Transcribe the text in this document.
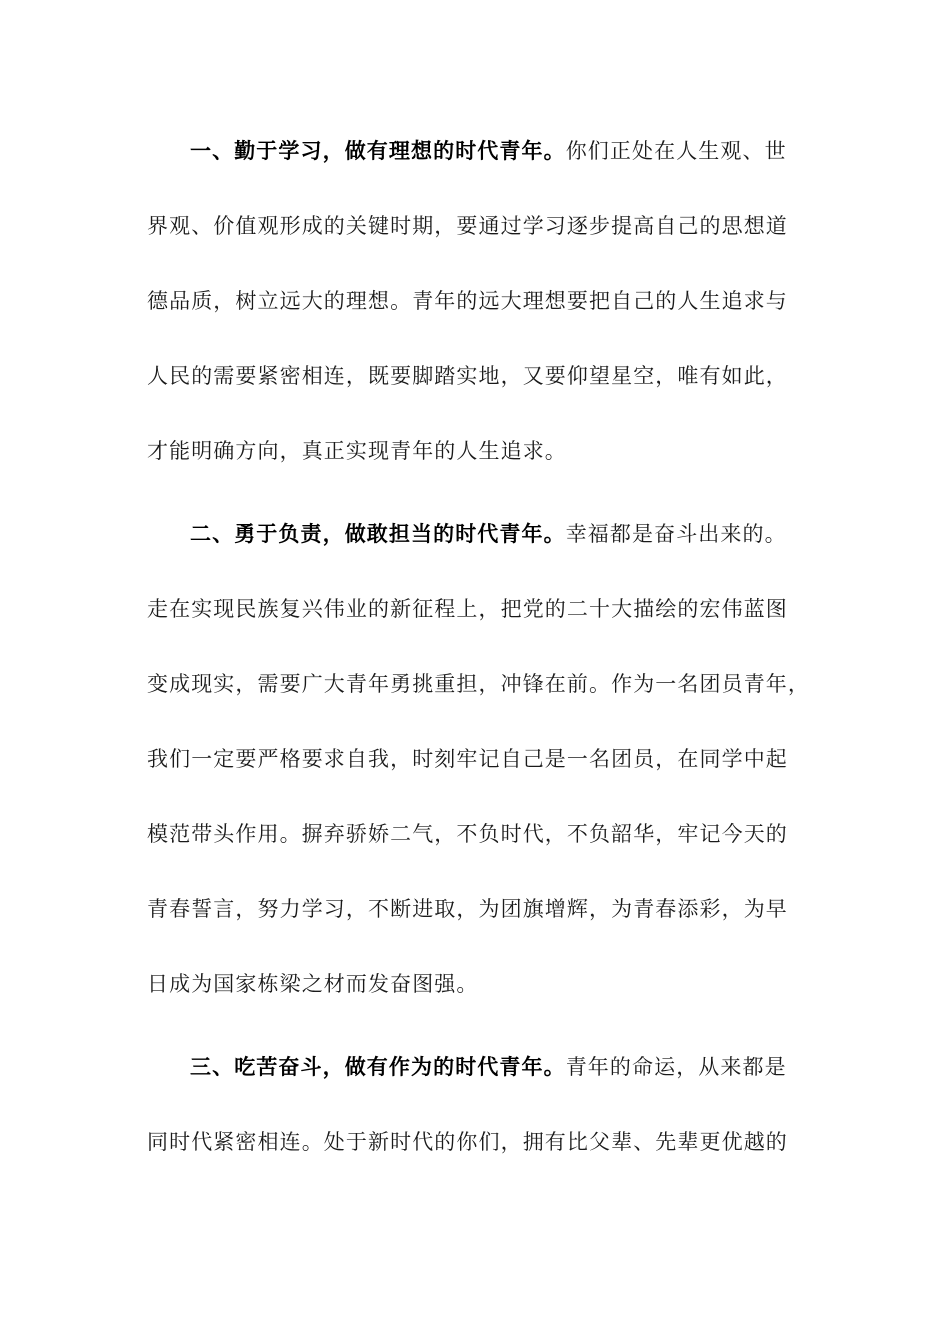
一、勤于学习，做有理想的时代青年。你们正处在人生观、世
界观、价值观形成的关键时期，要通过学习逐步提高自己的思想道
德品质，树立远大的理想。青年的远大理想要把自己的人生追求与
人民的需要紧密相连，既要脚踏实地，又要仰望星空，唯有如此，
才能明确方向，真正实现青年的人生追求。
二、勇于负责，做敢担当的时代青年。幸福都是奋斗出来的。
走在实现民族复兴伟业的新征程上，把党的二十大描绘的宏伟蓝图
变成现实，需要广大青年勇挑重担，冲锋在前。作为一名团员青年，
我们一定要严格要求自我，时刻牢记自己是一名团员，在同学中起
模范带头作用。摒弃骄娇二气，不负时代，不负韶华，牢记今天的
青春誓言，努力学习，不断进取，为团旗增辉，为青春添彩，为早
日成为国家栋梁之材而发奋图强。
三、吃苦奋斗，做有作为的时代青年。青年的命运，从来都是
同时代紧密相连。处于新时代的你们，拥有比父辈、先辈更优越的
